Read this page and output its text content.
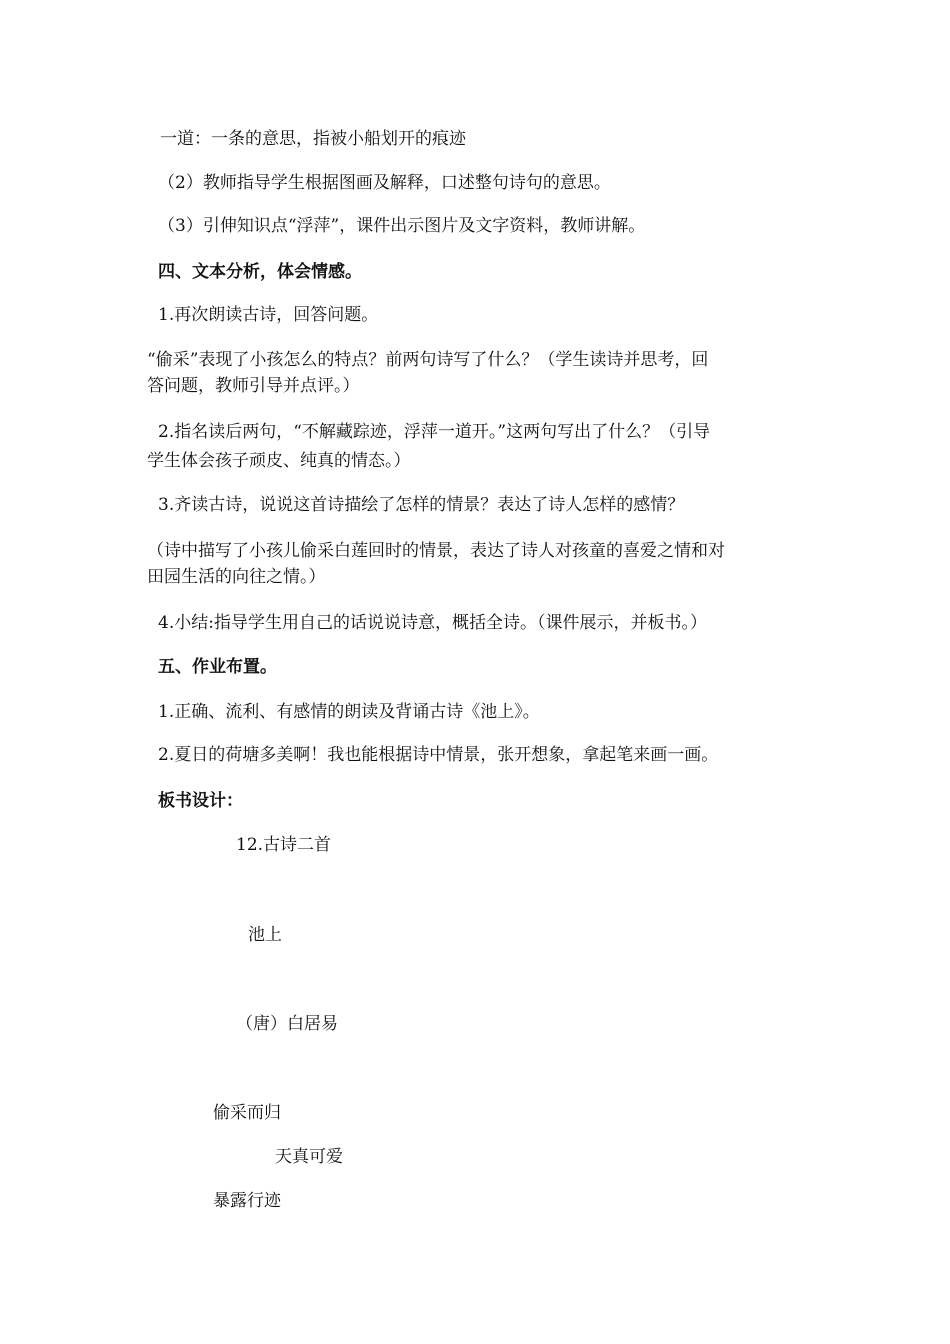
一道：一条的意思，指被小船划开的痕迹
（2）教师指导学生根据图画及解释，口述整句诗句的意思。
（3）引伸知识点“浮萍”，课件出示图片及文字资料，教师讲解。
四、文本分析，体会情感。
1.再次朗读古诗，回答问题。
“偷采”表现了小孩怎么的特点？前两句诗写了什么？（学生读诗并思考，回
答问题，教师引导并点评。）
2.指名读后两句，“不解藏踪迹，浮萍一道开。”这两句写出了什么？（引导
学生体会孩子顽皮、纯真的情态。）
3.齐读古诗，说说这首诗描绘了怎样的情景？表达了诗人怎样的感情？
（诗中描写了小孩儿偷采白莲回时的情景，表达了诗人对孩童的喜爱之情和对
田园生活的向往之情。）
4.小结:指导学生用自己的话说说诗意，概括全诗。（课件展示，并板书。）
五、作业布置。
1.正确、流利、有感情的朗读及背诵古诗《池上》。
2.夏日的荷塘多美啊！我也能根据诗中情景，张开想象，拿起笔来画一画。
板书设计：
12.古诗二首
池上
（唐）白居易
偷采而归
天真可爱
暴露行迹
